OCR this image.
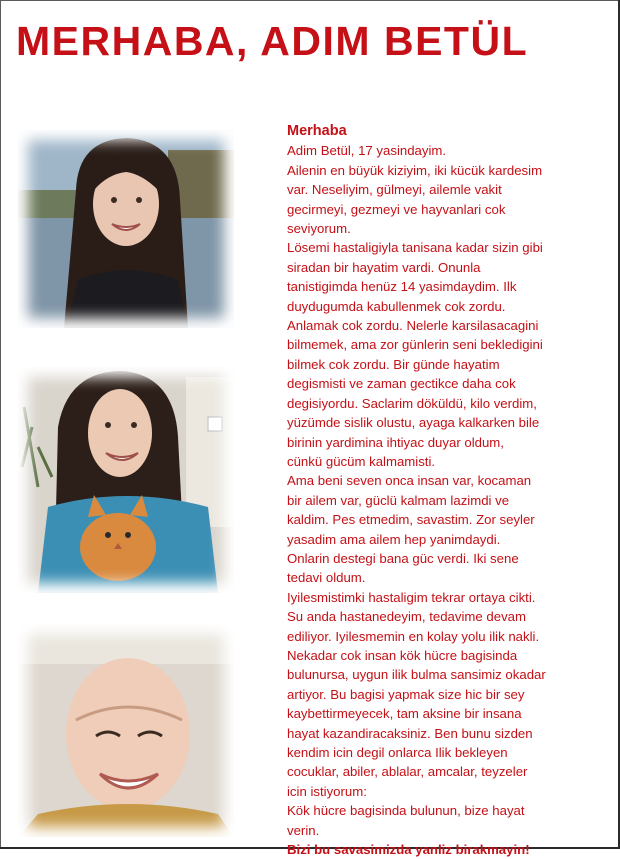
MERHABA, ADIM BETÜL

Merhaba

Adim Betül, 17 yasindayim.

Ailenin en büyük kiziyim, iki kücük kardesim

var. Neseliyim, gülmeyi, ailemle vakit

gecirmeyi, gezmeyi ve hayvanlari cok

seviyorum.

Lösemi hastaligiyla tanisana kadar sizin gibi

siradan bir hayatim vardi. Onunla

tanistigimda henüz 14 yasimdaydim. Ilk

duydugumda kabullenmek cok zordu.

Anlamak cok zordu. Nelerle karsilasacagini

bilmemek, ama zor günlerin seni bekledigini

bilmek cok zordu. Bir günde hayatim

degismisti ve zaman gectikce daha cok

degisiyordu. Saclarim döküldü, kilo verdim,

yüzümde sislik olustu, ayaga kalkarken bile

birinin yardimina ihtiyac duyar oldum,

cünkü gücüm kalmamisti.

Ama beni seven onca insan var, kocaman

bir ailem var, güclü kalmam lazimdi ve

kaldim. Pes etmedim, savastim. Zor seyler

yasadim ama ailem hep yanimdaydi.

Onlarin destegi bana güc verdi. Iki sene

tedavi oldum.

Iyilesmistimki hastaligim tekrar ortaya cikti.

Su anda hastanedeyim, tedavime devam

ediliyor. Iyilesmemin en kolay yolu ilik nakli.

Nekadar cok insan kök hücre bagisinda

bulunursa, uygun ilik bulma sansimiz okadar

artiyor. Bu bagisi yapmak size hic bir sey

kaybettirmeyecek, tam aksine bir insana

hayat kazandiracaksiniz. Ben bunu sizden

kendim icin degil onlarca Ilik bekleyen

cocuklar, abiler, ablalar, amcalar, teyzeler

icin istiyorum:

Kök hücre bagisinda bulunun, bize hayat

verin.

Bizi bu savasimizda yanliz birakmayin!
